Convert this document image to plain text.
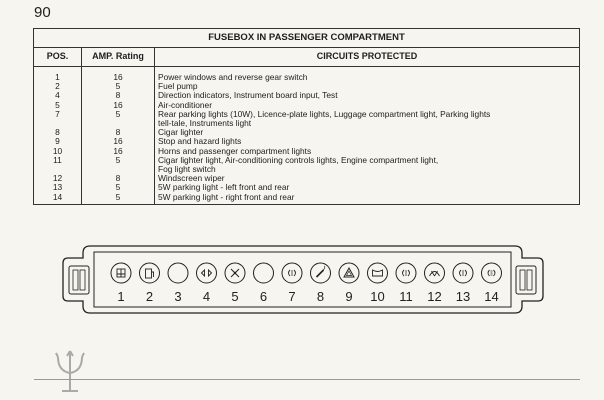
90
FUSEBOX IN PASSENGER COMPARTMENT		
POS.	AMP. Rating	CIRCUITS PROTECTED
1	16	Power windows and reverse gear switch

2	5	Fuel pump

4	8	Direction indicators, Instrument board input, Test

5	16	Air-conditioner

7	5	Rear parking lights (10W), Licence-plate lights, Luggage compartment light, Parking lights
tell-tale, Instruments light

8	8	Cigar lighter

9	16	Stop and hazard lights

10	16	Horns and passenger compartment lights

11	5	Cigar lighter light, Air-conditioning controls lights, Engine compartment light,
Fog light switch

12	8	Windscreen wiper

13	5	5W parking light - left front and rear

14	5	5W parking light - right front and rear
1 2 3 4 5 6 7 8 9 10 11 12 13 14
